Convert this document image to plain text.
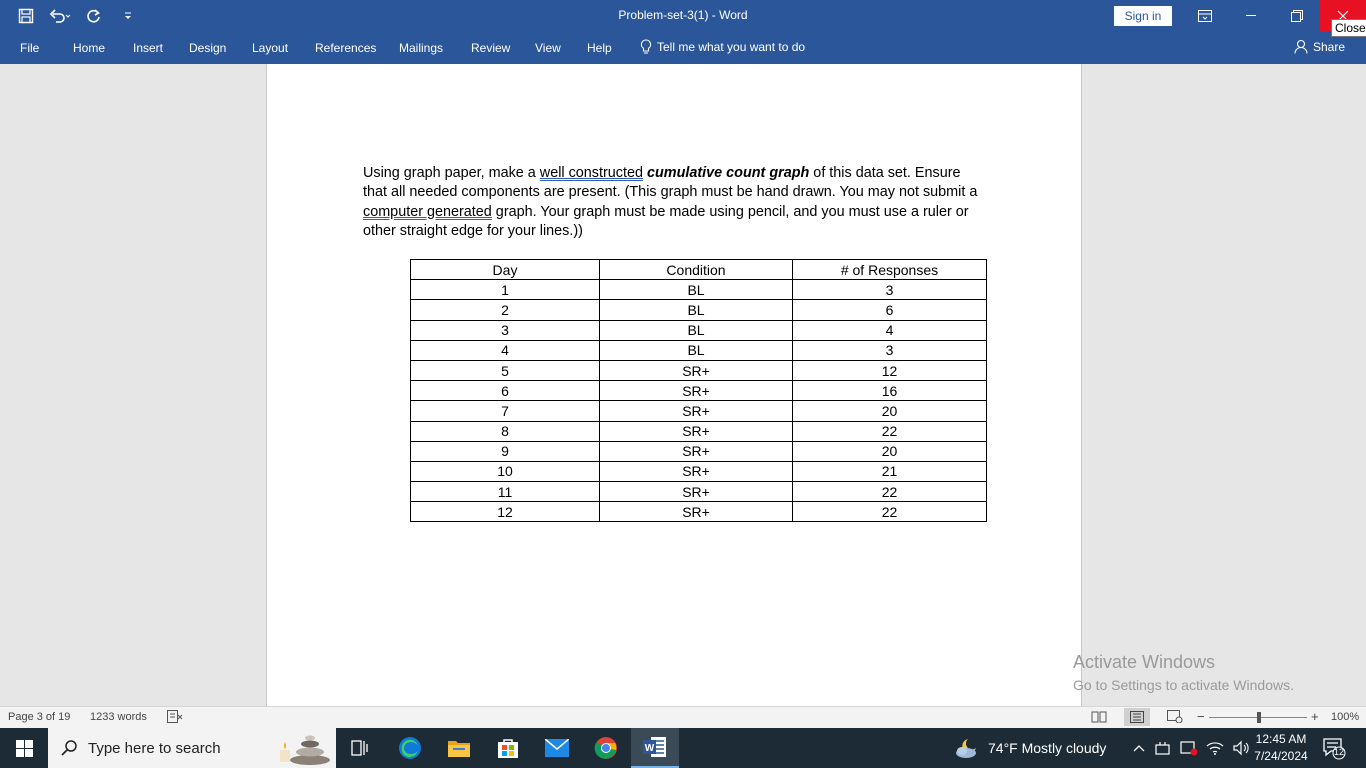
Problem-set-3(1) - Word	Sign in
Close
File	Home Insert Design Layout References Mailings Review View Help	Tell me what you want to do	Share

Using graph paper, make a well constructed cumulative count graph of this data set. Ensure that all needed components are present. (This graph must be hand drawn. You may not submit a computer generated graph. Your graph must be made using pencil, and you must use a ruler or other straight edge for your lines.))

Day	Condition	# of Responses
1	BL	3
2	BL	6
3	BL	4
4	BL	3
5	SR+	12
6	SR+	16
7	SR+	20
8	SR+	22
9	SR+	20
10	SR+	21
11	SR+	22
12	SR+	22
Activate Windows
Go to Settings to activate Windows.
Page 3 of 19 1233 words	−	+ 100%
Type here to search	W	74°F Mostly cloudy
12:45 AM
7/24/2024	12
